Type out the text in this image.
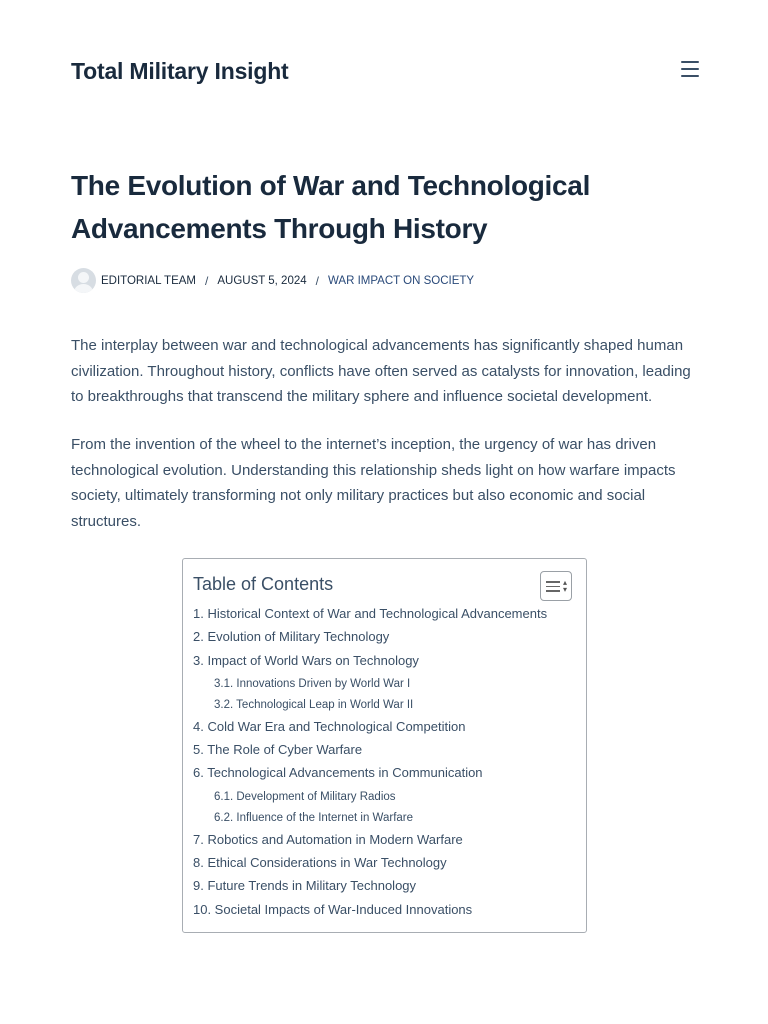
Total Military Insight
The Evolution of War and Technological Advancements Through History
EDITORIAL TEAM / AUGUST 5, 2024 / WAR IMPACT ON SOCIETY

The interplay between war and technological advancements has significantly shaped human civilization. Throughout history, conflicts have often served as catalysts for innovation, leading to breakthroughs that transcend the military sphere and influence societal development.

From the invention of the wheel to the internet’s inception, the urgency of war has driven technological evolution. Understanding this relationship sheds light on how warfare impacts society, ultimately transforming not only military practices but also economic and social structures.

Table of Contents	▴
▾
1. Historical Context of War and Technological Advancements
2. Evolution of Military Technology
3. Impact of World Wars on Technology
3.1. Innovations Driven by World War I
3.2. Technological Leap in World War II
4. Cold War Era and Technological Competition
5. The Role of Cyber Warfare
6. Technological Advancements in Communication
6.1. Development of Military Radios
6.2. Influence of the Internet in Warfare
7. Robotics and Automation in Modern Warfare
8. Ethical Considerations in War Technology
9. Future Trends in Military Technology
10. Societal Impacts of War-Induced Innovations
